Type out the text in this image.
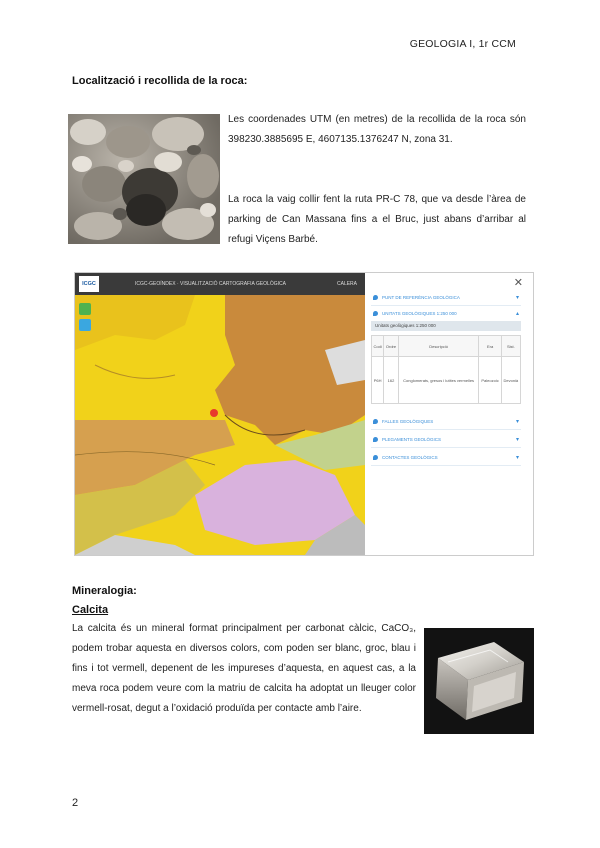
GEOLOGIA I, 1r CCM
Localització i recollida de la roca:
Les coordenades UTM (en metres) de la recollida de la roca són 398230.3885695 E, 4607135.1376247 N, zona 31.
La roca la vaig collir fent la ruta PR-C 78, que va desde l’àrea de parking de Can Massana fins a el Bruc, just abans d’arribar al refugi Viçens Barbé.
ICGC	ICGC-GEOÍNDEX · VISUALITZACIÓ CARTOGRAFIA GEOLÒGICA	CALERA	✕
PUNT DE REFERÈNCIA GEOLÒGICA	▾
UNITATS GEOLÒGIQUES 1:250 000	▴
Unitats geològiques 1:250 000
Codi	Ordre	Descripció	Era	Sist.
P6H	162	Conglomerats, gresos i lutites vermelles	Paleozoic	Devonià
FALLES GEOLÒGIQUES	▾
PLEGAMENTS GEOLÒGICS	▾
CONTACTES GEOLÒGICS	▾
Mineralogia:
Calcita
La calcita és un mineral format principalment per carbonat càlcic, CaCO₃, podem trobar aquesta en diversos colors, com poden ser blanc, groc, blau i fins i tot vermell, depenent de les impureses d’aquesta, en aquest cas, a la meva roca podem veure com la matriu de calcita ha adoptat un lleuger color vermell-rosat, degut a l’oxidació produïda per contacte amb l’aire.
2
